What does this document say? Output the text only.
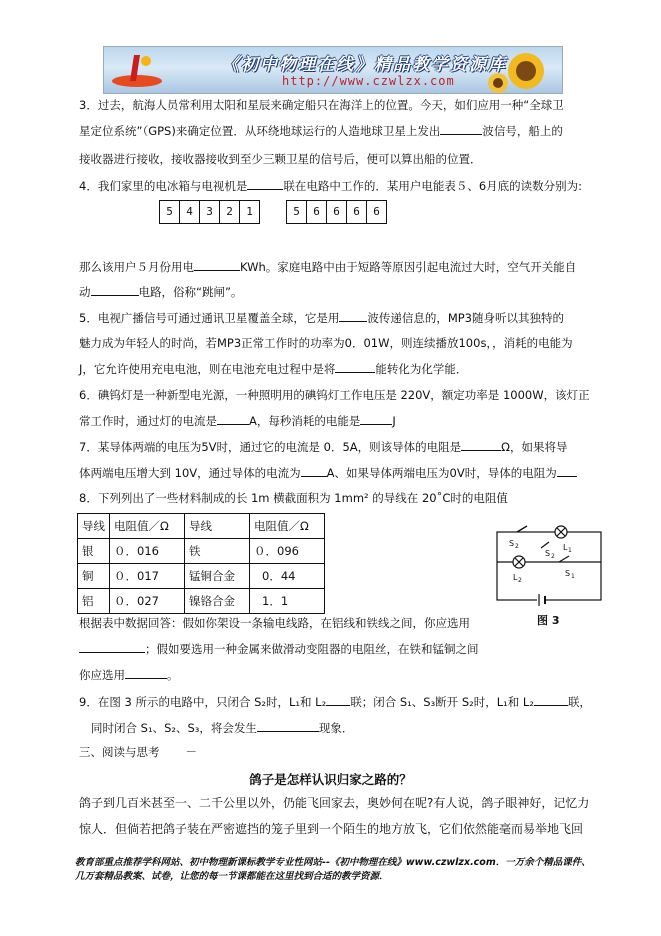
《初中物理在线》精品教学资源库
http://www.czwlzx.com
3．过去，航海人员常利用太阳和星辰来确定船只在海洋上的位置。今天，如们应用一种“全球卫
星定位系统”（GPS)来确定位置．从环绕地球运行的人造地球卫星上发出	波信号，船上的
接收器进行接收，接收器接收到至少三颗卫星的信号后，便可以算出船的位置．
4．我们家里的电冰箱与电视机是	联在电路中工作的．某用户电能表５、6月底的读数分别为:
5	4	3	2	1	5	6	6	6	6
那么该用户５月份用电	KWh。家庭电路中由于短路等原因引起电流过大时，空气开关能自
动	电路，俗称“跳闸”。
5．电视广播信号可通过通讯卫星覆盖全球，它是用 波传递信息的，MP3随身听以其独特的
魅力成为年轻人的时尚，若MP3正常工作时的功率为0．01W，则连续播放100s，，消耗的电能为
J，它允许使用充电电池，则在电池充电过程中是将	能转化为化学能．
6．碘钨灯是一种新型电光源，一种照明用的碘钨灯工作电压是 220V，额定功率是 1000W，该灯正
常工作时，通过灯的电流是	A，每秒消耗的电能是	J
7．某导体两端的电压为5V时，通过它的电流是 0．5A，则该导体的电阻是	Ω，如果将导
体两端电压增大到 10V，通过导体的电流为 A、如果导体两端电压为0V时，导体的电阻为
8．下列列出了一些材料制成的长 1m 横截面积为 1mm² 的导线在 20˚C时的电阻值
导线	电阻值／Ω	导线	电阻值／Ω
银	０．016	铁	０．096
铜	０．017	锰铜合金	0．44
铝	０．027	镍铬合金	1．1
S 2
S 2
L 1
L 2
S 1
图 3
根据表中数据回答：假如你架设一条输电线路，在铝线和铁线之间，你应选用
；假如要选用一种金属来做滑动变阻器的电阻丝，在铁和锰铜之间
你应选用	。
9．在图 3 所示的电路中，只闭合 S₂时，L₁和 L₂ 联；闭合 S₁、S₃断开 S₂时，L₁和 L₂	联，
同时闭合 S₁、S₂、S₃，将会发生	现象．
三、阅读与思考 －
鸽子是怎样认识归家之路的？
鸽子到几百米甚至一、二千公里以外，仍能飞回家去，奥妙何在呢?有人说，鸽子眼神好，记忆力
惊人．但倘若把鸽子装在严密遮挡的笼子里到一个陌生的地方放飞，它们依然能毫而易举地飞回
教育部重点推荐学科网站、初中物理新课标教学专业性网站--《初中物理在线》www.czwlzx.com．一万余个精品课件、
几万套精品教案、试卷，让您的每一节课都能在这里找到合适的教学资源．
